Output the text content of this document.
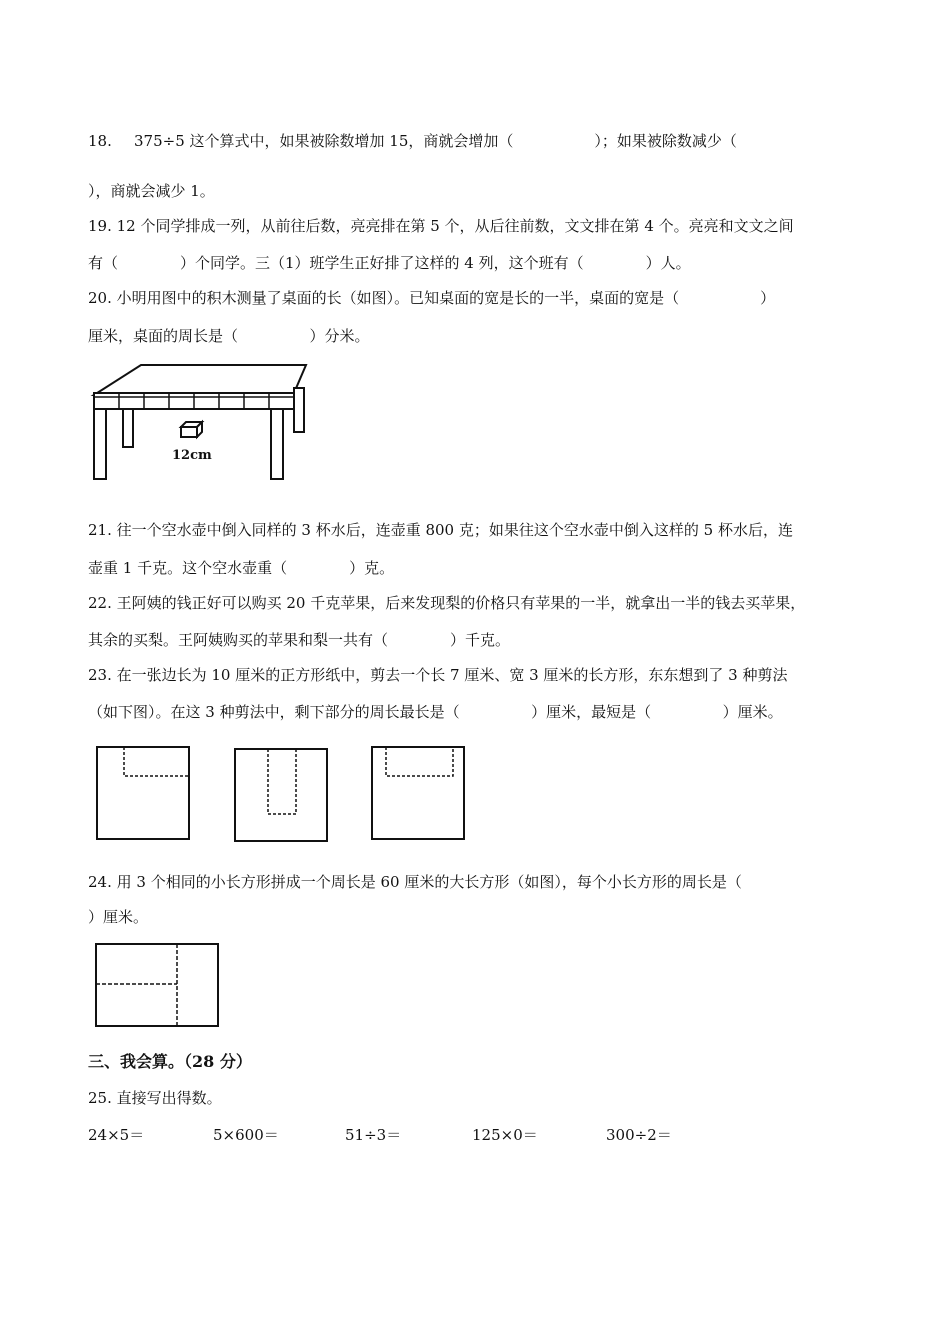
18. 375÷5 这个算式中，如果被除数增加 15，商就会增加（                 ）；如果被除数减少（
），商就会减少 1。
19. 12 个同学排成一列，从前往后数，亮亮排在第 5 个，从后往前数，文文排在第 4 个。亮亮和文文之间
有（             ）个同学。三（1）班学生正好排了这样的 4 列，这个班有（             ）人。
20. 小明用图中的积木测量了桌面的长（如图）。已知桌面的宽是长的一半，桌面的宽是（                 ）
厘米，桌面的周长是（               ）分米。
12cm
21. 往一个空水壶中倒入同样的 3 杯水后，连壶重 800 克；如果往这个空水壶中倒入这样的 5 杯水后，连
壶重 1 千克。这个空水壶重（             ）克。
22. 王阿姨的钱正好可以购买 20 千克苹果，后来发现梨的价格只有苹果的一半，就拿出一半的钱去买苹果，
其余的买梨。王阿姨购买的苹果和梨一共有（             ）千克。
23. 在一张边长为 10 厘米的正方形纸中，剪去一个长 7 厘米、宽 3 厘米的长方形，东东想到了 3 种剪法
（如下图）。在这 3 种剪法中，剩下部分的周长最长是（               ）厘米，最短是（               ）厘米。
24. 用 3 个相同的小长方形拼成一个周长是 60 厘米的大长方形（如图），每个小长方形的周长是（
）厘米。
三、我会算。（28 分）
25. 直接写出得数。
24×5＝	5×600＝	51÷3＝	125×0＝	300÷2＝
